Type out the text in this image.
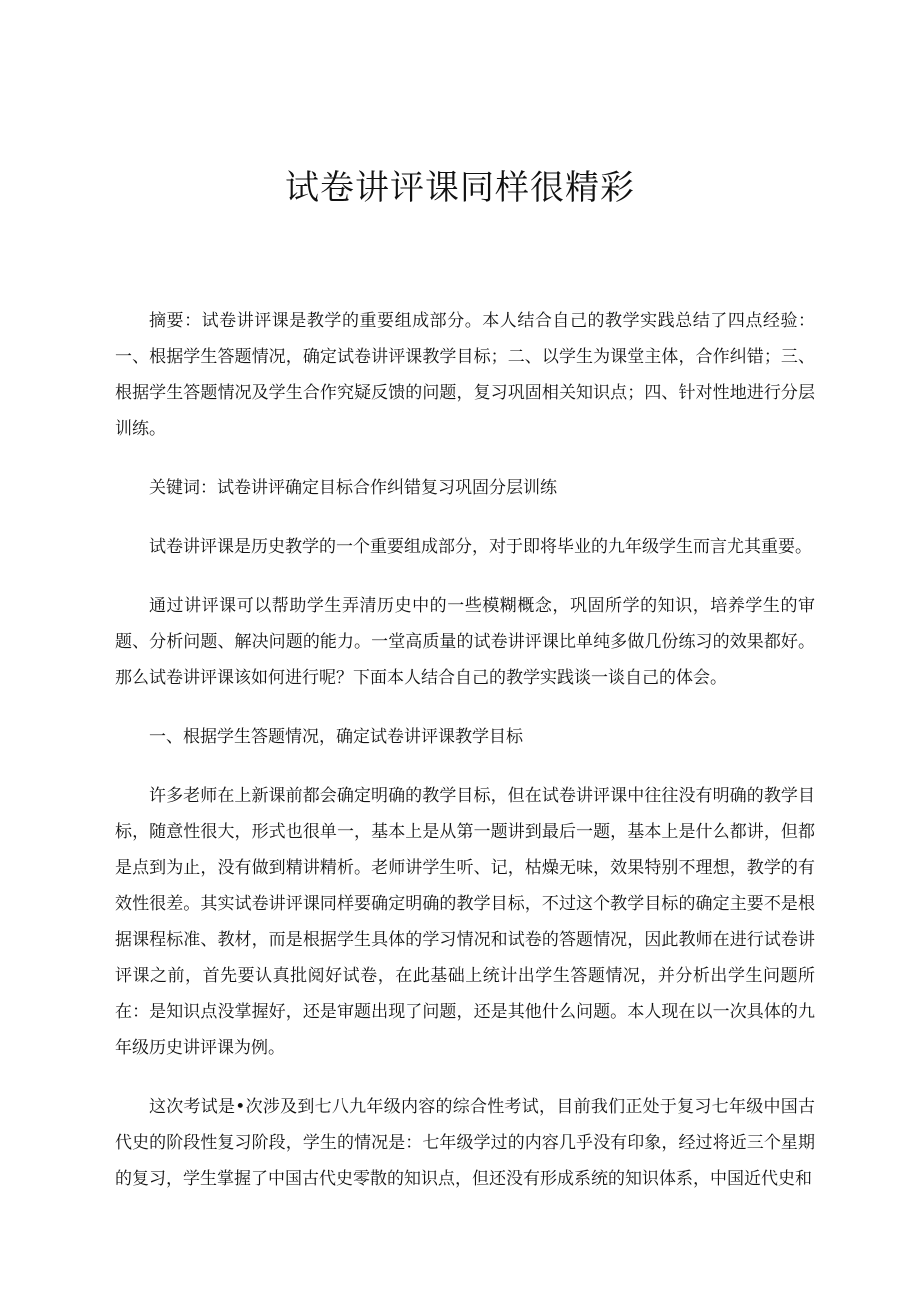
试卷讲评课同样很精彩

摘要：试卷讲评课是教学的重要组成部分。本人结合自己的教学实践总结了四点经验：一、根据学生答题情况，确定试卷讲评课教学目标；二、以学生为课堂主体，合作纠错；三、根据学生答题情况及学生合作究疑反馈的问题，复习巩固相关知识点；四、针对性地进行分层训练。

关键词：试卷讲评确定目标合作纠错复习巩固分层训练

试卷讲评课是历史教学的一个重要组成部分，对于即将毕业的九年级学生而言尤其重要。

通过讲评课可以帮助学生弄清历史中的一些模糊概念，巩固所学的知识，培养学生的审题、分析问题、解决问题的能力。一堂高质量的试卷讲评课比单纯多做几份练习的效果都好。那么试卷讲评课该如何进行呢？下面本人结合自己的教学实践谈一谈自己的体会。

一、根据学生答题情况，确定试卷讲评课教学目标

许多老师在上新课前都会确定明确的教学目标，但在试卷讲评课中往往没有明确的教学目标，随意性很大，形式也很单一，基本上是从第一题讲到最后一题，基本上是什么都讲，但都是点到为止，没有做到精讲精析。老师讲学生听、记，枯燥无味，效果特别不理想，教学的有效性很差。其实试卷讲评课同样要确定明确的教学目标，不过这个教学目标的确定主要不是根据课程标准、教材，而是根据学生具体的学习情况和试卷的答题情况，因此教师在进行试卷讲评课之前，首先要认真批阅好试卷，在此基础上统计出学生答题情况，并分析出学生问题所在：是知识点没掌握好，还是审题出现了问题，还是其他什么问题。本人现在以一次具体的九年级历史讲评课为例。

这次考试是•次涉及到七八九年级内容的综合性考试，目前我们正处于复习七年级中国古代史的阶段性复习阶段，学生的情况是：七年级学过的内容几乎没有印象，经过将近三个星期的复习，学生掌握了中国古代史零散的知识点，但还没有形成系统的知识体系，中国近代史和
